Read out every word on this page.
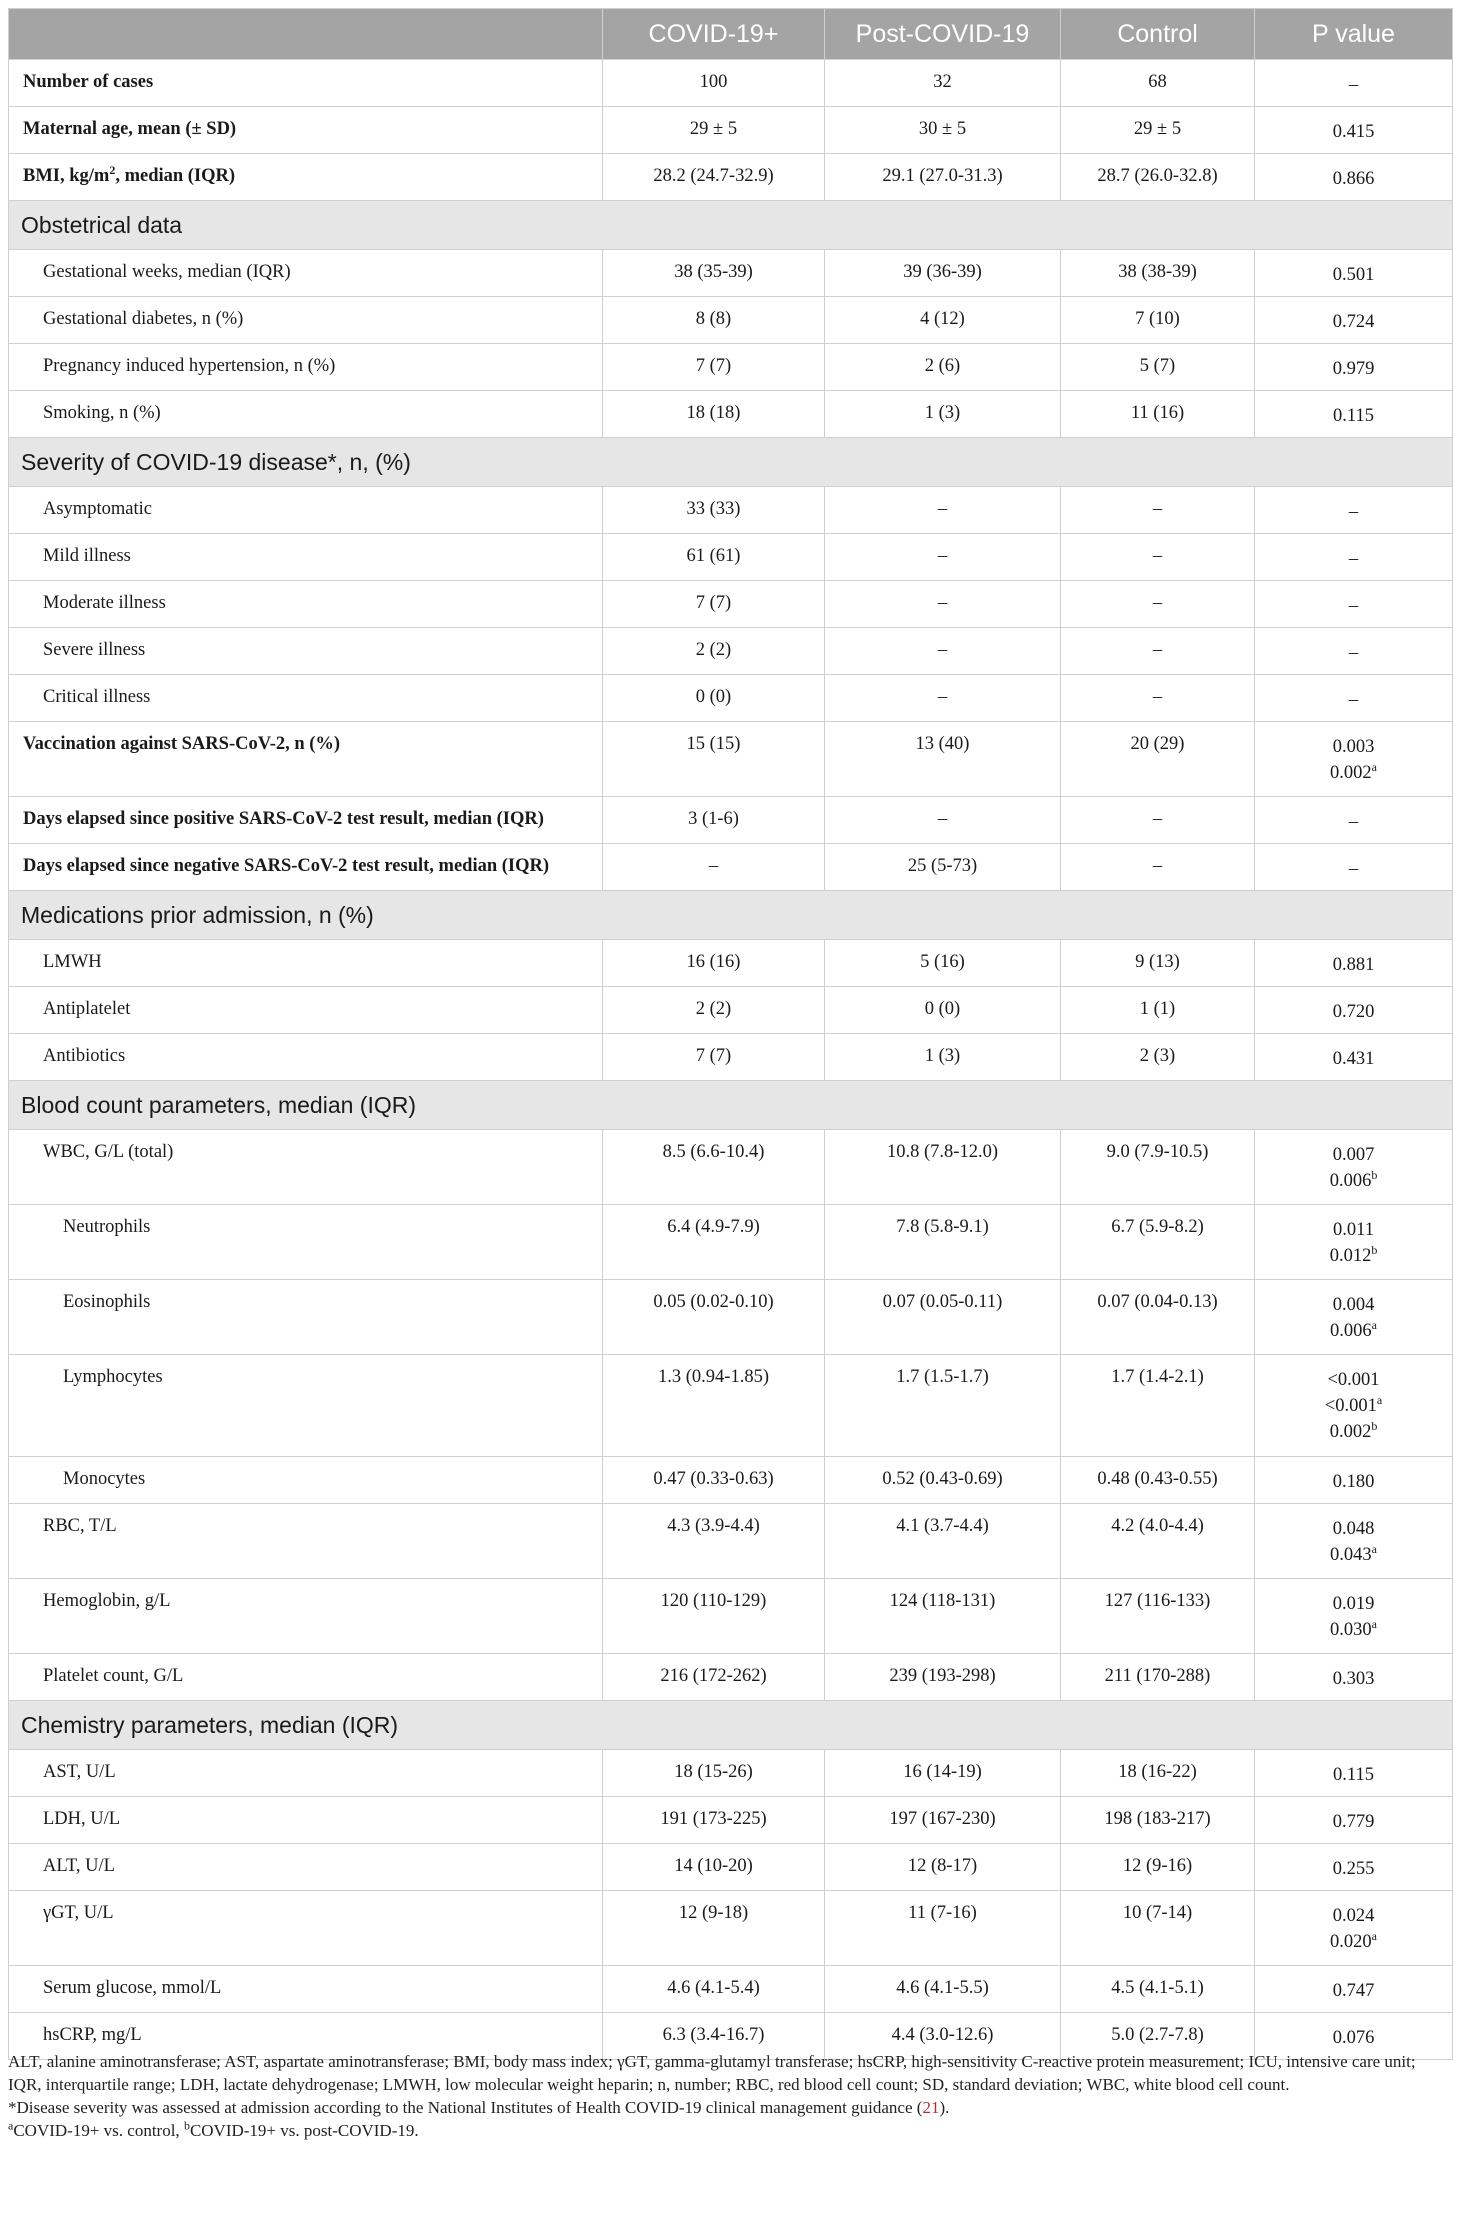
	COVID-19+	Post-COVID-19	Control	P value
Number of cases	100	32	68	–

Maternal age, mean (± SD)	29 ± 5	30 ± 5	29 ± 5	0.415

BMI, $kg/m^2$, median (IQR)	28.2 (24.7-32.9)	29.1 (27.0-31.3)	28.7 (26.0-32.8)	0.866

Obstetrical data				
Gestational weeks, median (IQR)	38 (35-39)	39 (36-39)	38 (38-39)	0.501

Gestational diabetes, n (%)	8 (8)	4 (12)	7 (10)	0.724

Pregnancy induced hypertension, n (%)	7 (7)	2 (6)	5 (7)	0.979

Smoking, n (%)	18 (18)	1 (3)	11 (16)	0.115

Severity of COVID-19 disease*, n, (%)				
Asymptomatic	33 (33)	–	–	–

Mild illness	61 (61)	–	–	–

Moderate illness	7 (7)	–	–	–

Severe illness	2 (2)	–	–	–

Critical illness	0 (0)	–	–	–

Vaccination against SARS-CoV-2, n (%)	15 (15)	13 (40)	20 (29)	0.003
0.002$^a$

Days elapsed since positive SARS-CoV-2 test result, median (IQR)	3 (1-6)	–	–	–

Days elapsed since negative SARS-CoV-2 test result, median (IQR)	–	25 (5-73)	–	–

Medications prior admission, n (%)				
LMWH	16 (16)	5 (16)	9 (13)	0.881

Antiplatelet	2 (2)	0 (0)	1 (1)	0.720

Antibiotics	7 (7)	1 (3)	2 (3)	0.431

Blood count parameters, median (IQR)				
WBC, G/L (total)	8.5 (6.6-10.4)	10.8 (7.8-12.0)	9.0 (7.9-10.5)	0.007
0.006$^b$

Neutrophils	6.4 (4.9-7.9)	7.8 (5.8-9.1)	6.7 (5.9-8.2)	0.011
0.012$^b$

Eosinophils	0.05 (0.02-0.10)	0.07 (0.05-0.11)	0.07 (0.04-0.13)	0.004
0.006$^a$

Lymphocytes	1.3 (0.94-1.85)	1.7 (1.5-1.7)	1.7 (1.4-2.1)	<0.001
<0.001$^a$
0.002$^b$

Monocytes	0.47 (0.33-0.63)	0.52 (0.43-0.69)	0.48 (0.43-0.55)	0.180

RBC, T/L	4.3 (3.9-4.4)	4.1 (3.7-4.4)	4.2 (4.0-4.4)	0.048
0.043$^a$

Hemoglobin, g/L	120 (110-129)	124 (118-131)	127 (116-133)	0.019
0.030$^a$

Platelet count, G/L	216 (172-262)	239 (193-298)	211 (170-288)	0.303

Chemistry parameters, median (IQR)				
AST, U/L	18 (15-26)	16 (14-19)	18 (16-22)	0.115

LDH, U/L	191 (173-225)	197 (167-230)	198 (183-217)	0.779

ALT, U/L	14 (10-20)	12 (8-17)	12 (9-16)	0.255

γGT, U/L	12 (9-18)	11 (7-16)	10 (7-14)	0.024
0.020$^a$

Serum glucose, mmol/L	4.6 (4.1-5.4)	4.6 (4.1-5.5)	4.5 (4.1-5.1)	0.747

hsCRP, mg/L	6.3 (3.4-16.7)	4.4 (3.0-12.6)	5.0 (2.7-7.8)	0.076

ALT, alanine aminotransferase; AST, aspartate aminotransferase; BMI, body mass index; γGT, gamma-glutamyl transferase; hsCRP, high-sensitivity C-reactive protein measurement; ICU, intensive care unit; IQR, interquartile range; LDH, lactate dehydrogenase; LMWH, low molecular weight heparin; n, number; RBC, red blood cell count; SD, standard deviation; WBC, white blood cell count.

*Disease severity was assessed at admission according to the National Institutes of Health COVID-19 clinical management guidance (21).

$^a$COVID-19+ vs. control, $^b$COVID-19+ vs. post-COVID-19.
